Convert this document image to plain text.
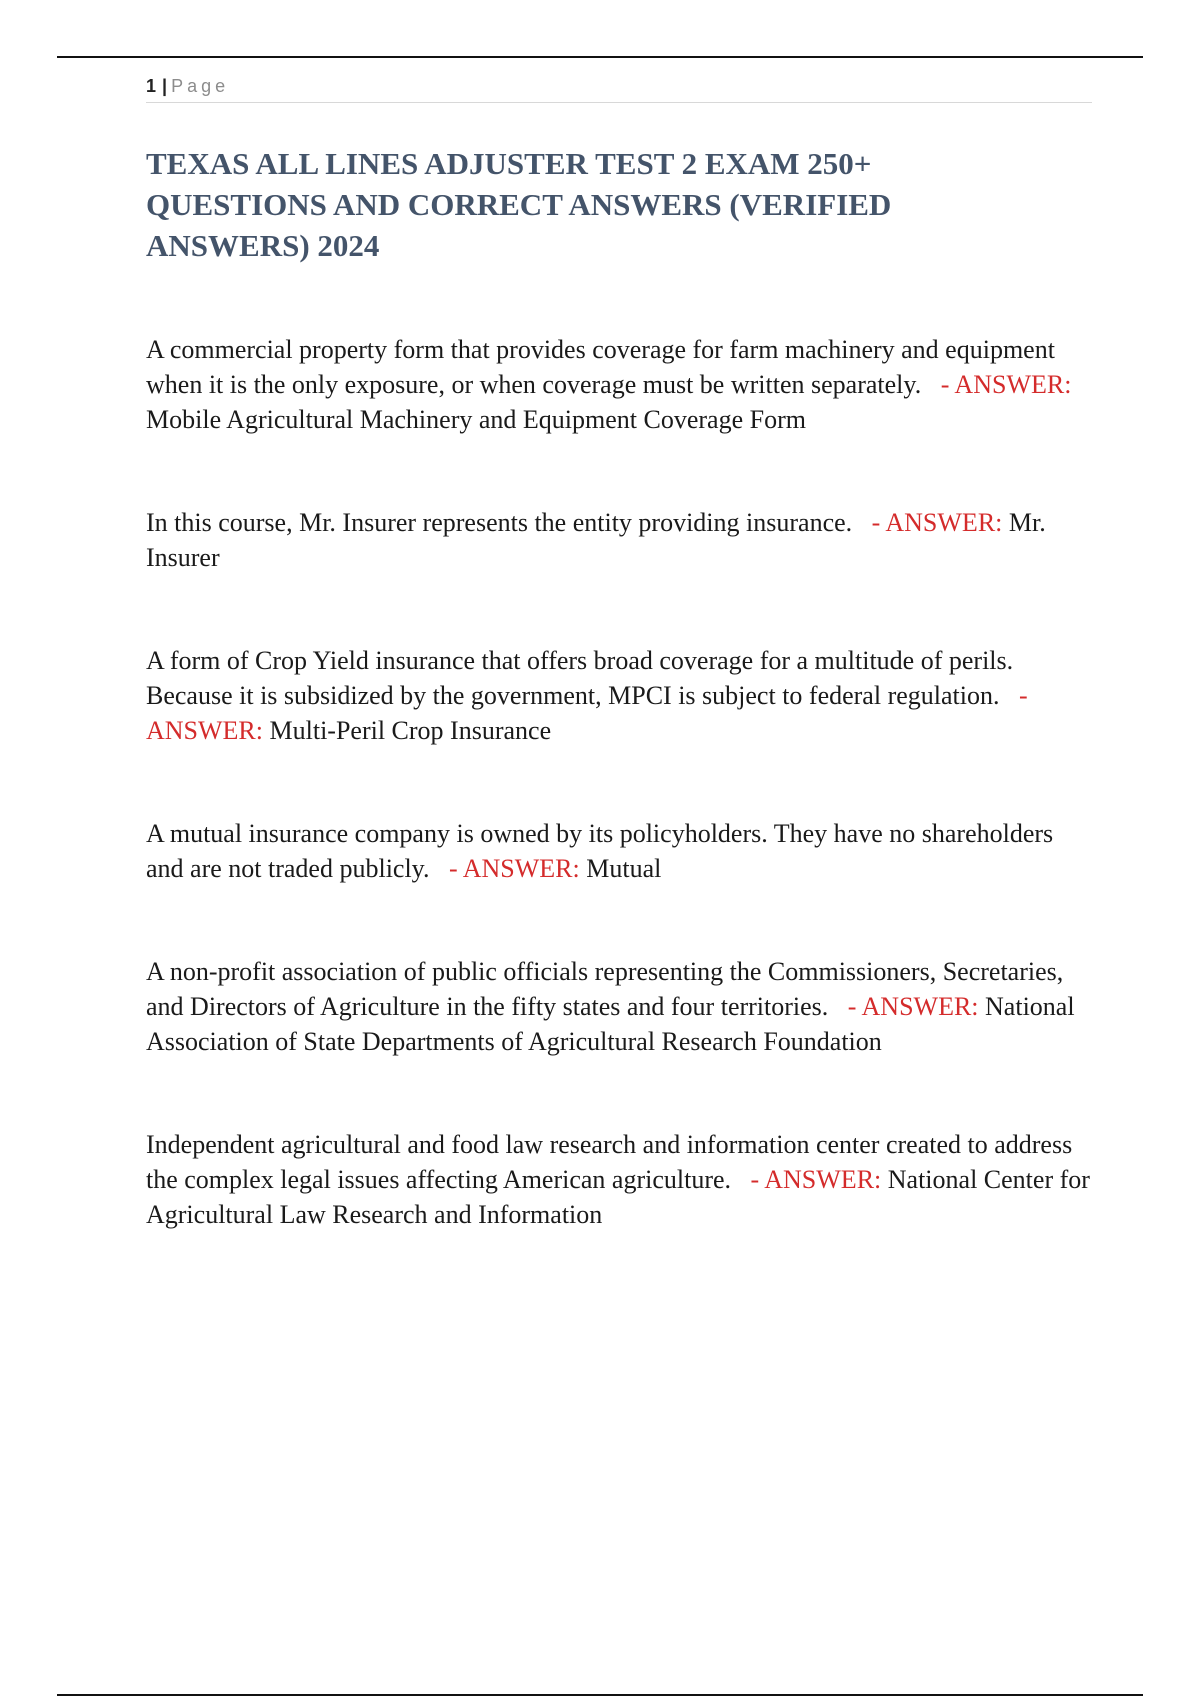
1 | Page
TEXAS ALL LINES ADJUSTER TEST 2 EXAM 250+ QUESTIONS AND CORRECT ANSWERS (VERIFIED ANSWERS) 2024

A commercial property form that provides coverage for farm machinery and equipment when it is the only exposure, or when coverage must be written separately. - ANSWER: Mobile Agricultural Machinery and Equipment Coverage Form

In this course, Mr. Insurer represents the entity providing insurance. - ANSWER: Mr. Insurer

A form of Crop Yield insurance that offers broad coverage for a multitude of perils. Because it is subsidized by the government, MPCI is subject to federal regulation. - ANSWER: Multi-Peril Crop Insurance

A mutual insurance company is owned by its policyholders. They have no shareholders and are not traded publicly. - ANSWER: Mutual

A non-profit association of public officials representing the Commissioners, Secretaries, and Directors of Agriculture in the fifty states and four territories. - ANSWER: National Association of State Departments of Agricultural Research Foundation

Independent agricultural and food law research and information center created to address the complex legal issues affecting American agriculture. - ANSWER: National Center for Agricultural Law Research and Information
